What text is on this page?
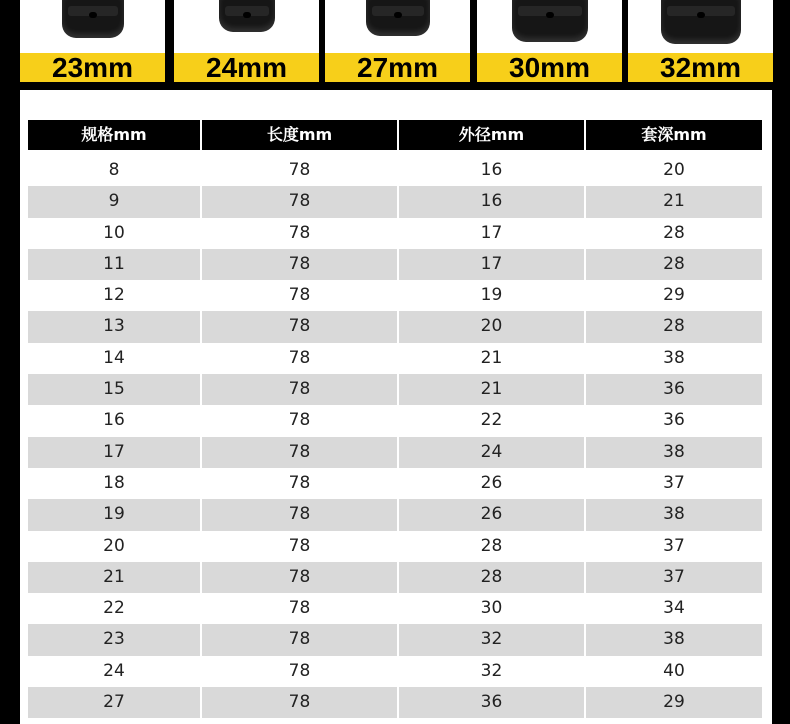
23mm	24mm	27mm	30mm	32mm
规格mm	长度mm	外径mm	套深mm
8	78	16	20
9	78	16	21
10	78	17	28
11	78	17	28
12	78	19	29
13	78	20	28
14	78	21	38
15	78	21	36
16	78	22	36
17	78	24	38
18	78	26	37
19	78	26	38
20	78	28	37
21	78	28	37
22	78	30	34
23	78	32	38
24	78	32	40
27	78	36	29
